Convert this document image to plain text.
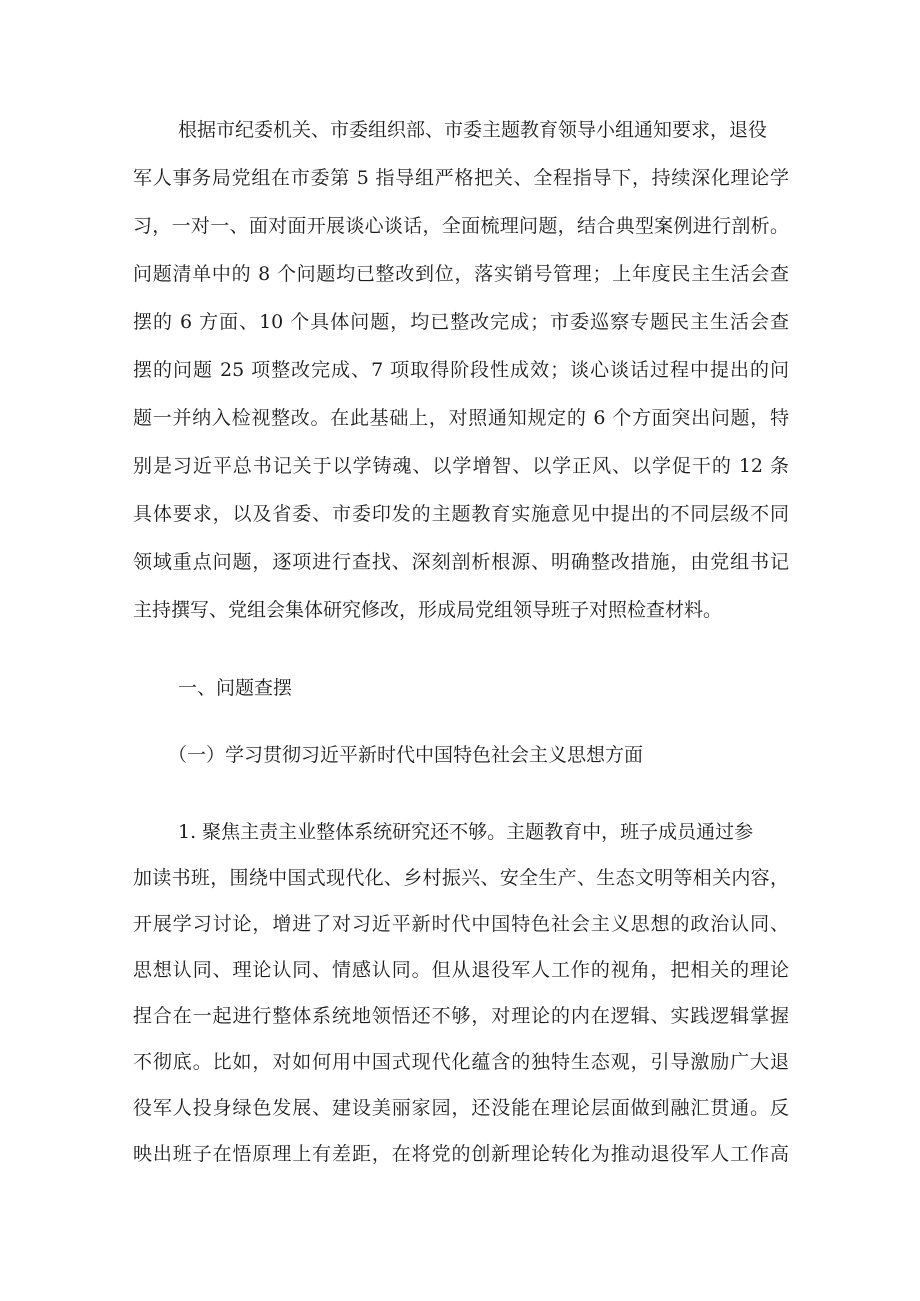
根据市纪委机关、市委组织部、市委主题教育领导小组通知要求，退役

军人事务局党组在市委第 5 指导组严格把关、全程指导下，持续深化理论学

习，一对一、面对面开展谈心谈话，全面梳理问题，结合典型案例进行剖析。

问题清单中的 8 个问题均已整改到位，落实销号管理；上年度民主生活会查

摆的 6 方面、10 个具体问题，均已整改完成；市委巡察专题民主生活会查

摆的问题 25 项整改完成、7 项取得阶段性成效；谈心谈话过程中提出的问

题一并纳入检视整改。在此基础上，对照通知规定的 6 个方面突出问题，特

别是习近平总书记关于以学铸魂、以学增智、以学正风、以学促干的 12 条

具体要求，以及省委、市委印发的主题教育实施意见中提出的不同层级不同

领域重点问题，逐项进行查找、深刻剖析根源、明确整改措施，由党组书记

主持撰写、党组会集体研究修改，形成局党组领导班子对照检查材料。

一、问题查摆

（一）学习贯彻习近平新时代中国特色社会主义思想方面

1. 聚焦主责主业整体系统研究还不够。主题教育中，班子成员通过参

加读书班，围绕中国式现代化、乡村振兴、安全生产、生态文明等相关内容，

开展学习讨论，增进了对习近平新时代中国特色社会主义思想的政治认同、

思想认同、理论认同、情感认同。但从退役军人工作的视角，把相关的理论

捏合在一起进行整体系统地领悟还不够，对理论的内在逻辑、实践逻辑掌握

不彻底。比如，对如何用中国式现代化蕴含的独特生态观，引导激励广大退

役军人投身绿色发展、建设美丽家园，还没能在理论层面做到融汇贯通。反

映出班子在悟原理上有差距，在将党的创新理论转化为推动退役军人工作高
